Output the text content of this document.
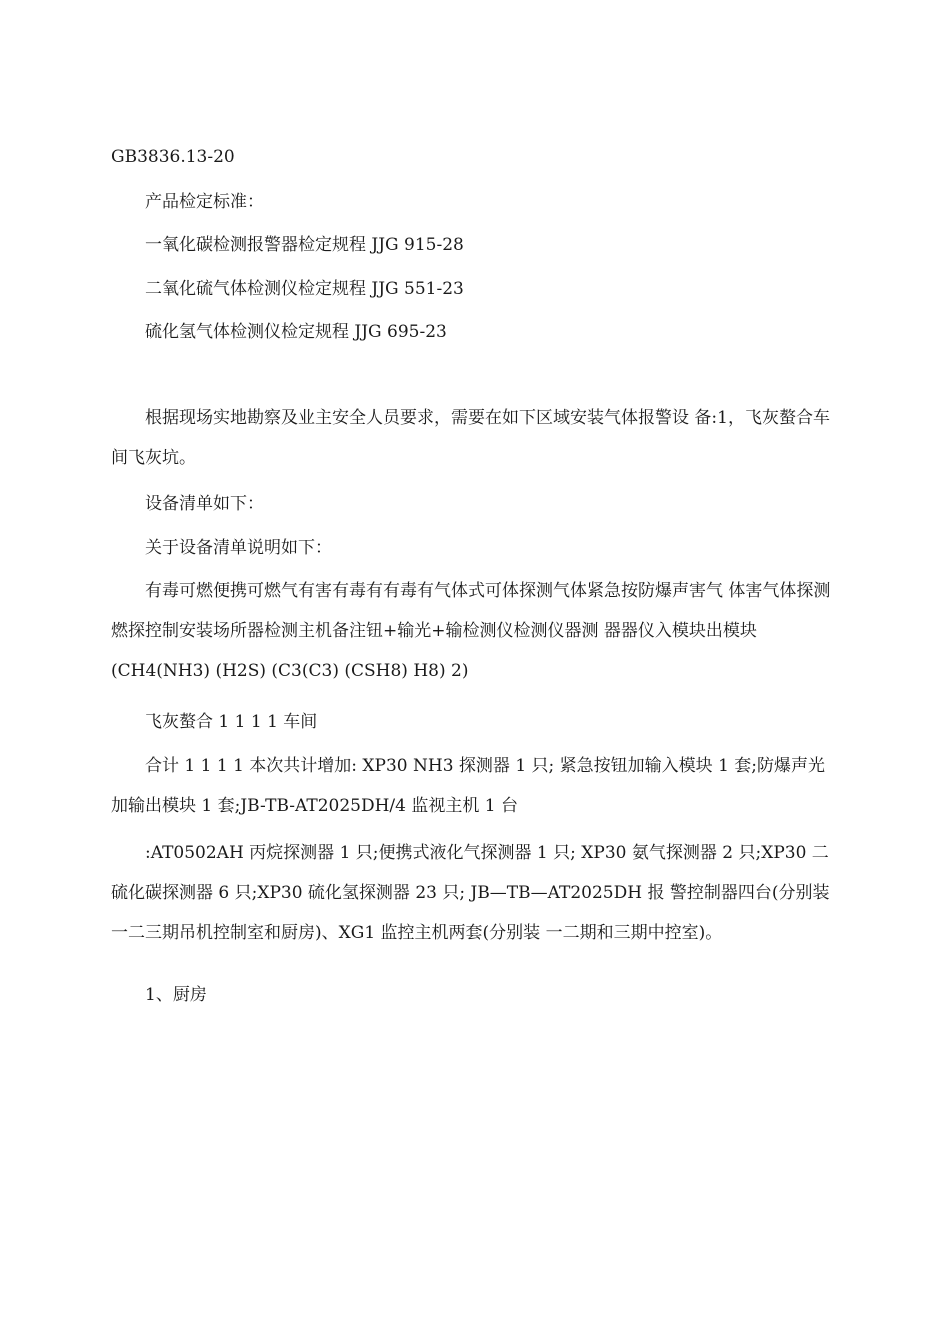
GB3836.13-20

产品检定标准：

一氧化碳检测报警器检定规程 JJG 915-28

二氧化硫气体检测仪检定规程 JJG 551-23

硫化氢气体检测仪检定规程 JJG 695-23

根据现场实地勘察及业主安全人员要求，需要在如下区域安装气体报警设 备:1，飞灰螯合车间飞灰坑。

设备清单如下：

关于设备清单说明如下：

有毒可燃便携可燃气有害有毒有有毒有气体式可体探测气体紧急按防爆声害气 体害气体探测燃探控制安装场所器检测主机备注钮+输光+输检测仪检测仪器测 器器仪入模块出模块 (CH4(NH3) (H2S) (C3(C3) (CSH8) H8) 2)

飞灰螯合 1 1 1 1 车间

合计 1 1 1 1 本次共计增加: XP30 NH3 探测器 1 只; 紧急按钮加输入模块 1 套;防爆声光加输出模块 1 套;JB-TB-AT2025DH/4 监视主机 1 台

:AT0502AH 丙烷探测器 1 只;便携式液化气探测器 1 只; XP30 氨气探测器 2 只;XP30 二硫化碳探测器 6 只;XP30 硫化氢探测器 23 只; JB—TB—AT2025DH 报 警控制器四台(分别装一二三期吊机控制室和厨房)、XG1 监控主机两套(分别装 一二期和三期中控室)。

1、厨房
